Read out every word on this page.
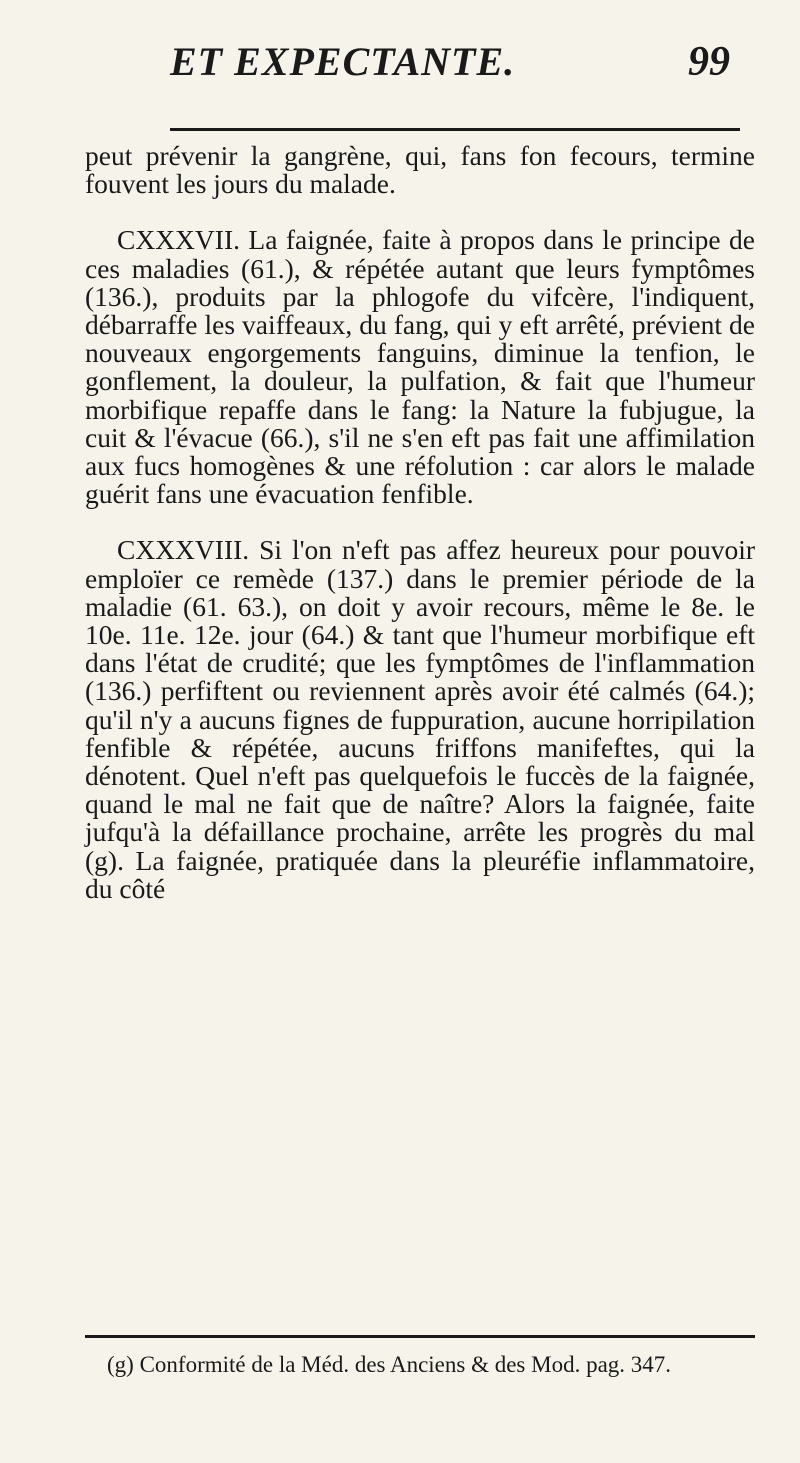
ET EXPECTANTE.	99

peut prévenir la gangrène, qui, fans fon fecours, termine fouvent les jours du malade.

CXXXVII. La faignée, faite à propos dans le principe de ces maladies (61.), & répétée autant que leurs fymptômes (136.), produits par la phlogofe du vifcère, l'indiquent, débarraffe les vaiffeaux, du fang, qui y eft arrêté, prévient de nouveaux engorgements fanguins, diminue la tenfion, le gonflement, la douleur, la pulfation, & fait que l'humeur morbifique repaffe dans le fang: la Nature la fubjugue, la cuit & l'évacue (66.), s'il ne s'en eft pas fait une affimilation aux fucs homogènes & une réfolution : car alors le malade guérit fans une évacuation fenfible.

CXXXVIII. Si l'on n'eft pas affez heureux pour pouvoir emploïer ce remède (137.) dans le premier période de la maladie (61. 63.), on doit y avoir recours, même le 8e. le 10e. 11e. 12e. jour (64.) & tant que l'humeur morbifique eft dans l'état de crudité; que les fymptômes de l'inflammation (136.) perfiftent ou reviennent après avoir été calmés (64.); qu'il n'y a aucuns fignes de fuppuration, aucune horripilation fenfible & répétée, aucuns friffons manifeftes, qui la dénotent. Quel n'eft pas quelquefois le fuccès de la faignée, quand le mal ne fait que de naître? Alors la faignée, faite jufqu'à la défaillance prochaine, arrête les progrès du mal (g). La faignée, pratiquée dans la pleuréfie inflammatoire, du côté

(g) Conformité de la Méd. des Anciens & des Mod. pag. 347.
